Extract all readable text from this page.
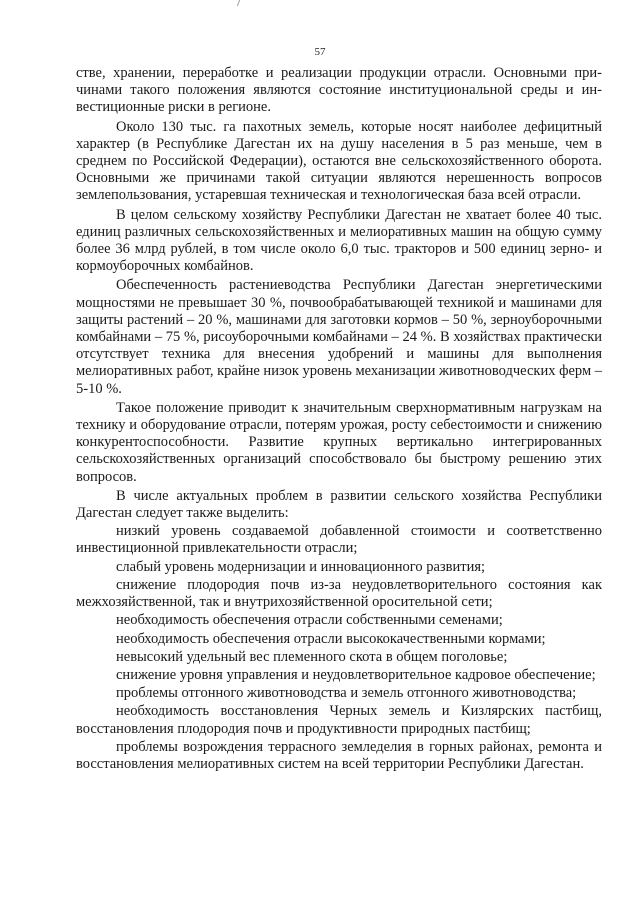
57

стве, хранении, переработке и реализации продукции отрасли. Основными причинами такого положения являются состояние институциональной среды и инвестиционные риски в регионе.

Около 130 тыс. га пахотных земель, которые носят наиболее дефицитный характер (в Республике Дагестан их на душу населения в 5 раз меньше, чем в среднем по Российской Федерации), остаются вне сельскохозяйственного оборота. Основными же причинами такой ситуации являются нерешенность вопросов землепользования, устаревшая техническая и технологическая база всей отрасли.

В целом сельскому хозяйству Республики Дагестан не хватает более 40 тыс. единиц различных сельскохозяйственных и мелиоративных машин на общую сумму более 36 млрд рублей, в том числе около 6,0 тыс. тракторов и 500 единиц зерно- и кормоуборочных комбайнов.

Обеспеченность растениеводства Республики Дагестан энергетическими мощностями не превышает 30 %, почвообрабатывающей техникой и машинами для защиты растений – 20 %, машинами для заготовки кормов – 50 %, зерноуборочными комбайнами – 75 %, рисоуборочными комбайнами – 24 %. В хозяйствах практически отсутствует техника для внесения удобрений и машины для выполнения мелиоративных работ, крайне низок уровень механизации животноводческих ферм – 5-10 %.

Такое положение приводит к значительным сверхнормативным нагрузкам на технику и оборудование отрасли, потерям урожая, росту себестоимости и снижению конкурентоспособности. Развитие крупных вертикально интегрированных сельскохозяйственных организаций способствовало бы быстрому решению этих вопросов.

В числе актуальных проблем в развитии сельского хозяйства Республики Дагестан следует также выделить:

низкий уровень создаваемой добавленной стоимости и соответственно инвестиционной привлекательности отрасли;

слабый уровень модернизации и инновационного развития;

снижение плодородия почв из-за неудовлетворительного состояния как межхозяйственной, так и внутрихозяйственной оросительной сети;

необходимость обеспечения отрасли собственными семенами;

необходимость обеспечения отрасли высококачественными кормами;

невысокий удельный вес племенного скота в общем поголовье;

снижение уровня управления и неудовлетворительное кадровое обеспечение;

проблемы отгонного животноводства и земель отгонного животноводства;

необходимость восстановления Черных земель и Кизлярских пастбищ, восстановления плодородия почв и продуктивности природных пастбищ;

проблемы возрождения террасного земледелия в горных районах, ремонта и восстановления мелиоративных систем на всей территории Республики Дагестан.
